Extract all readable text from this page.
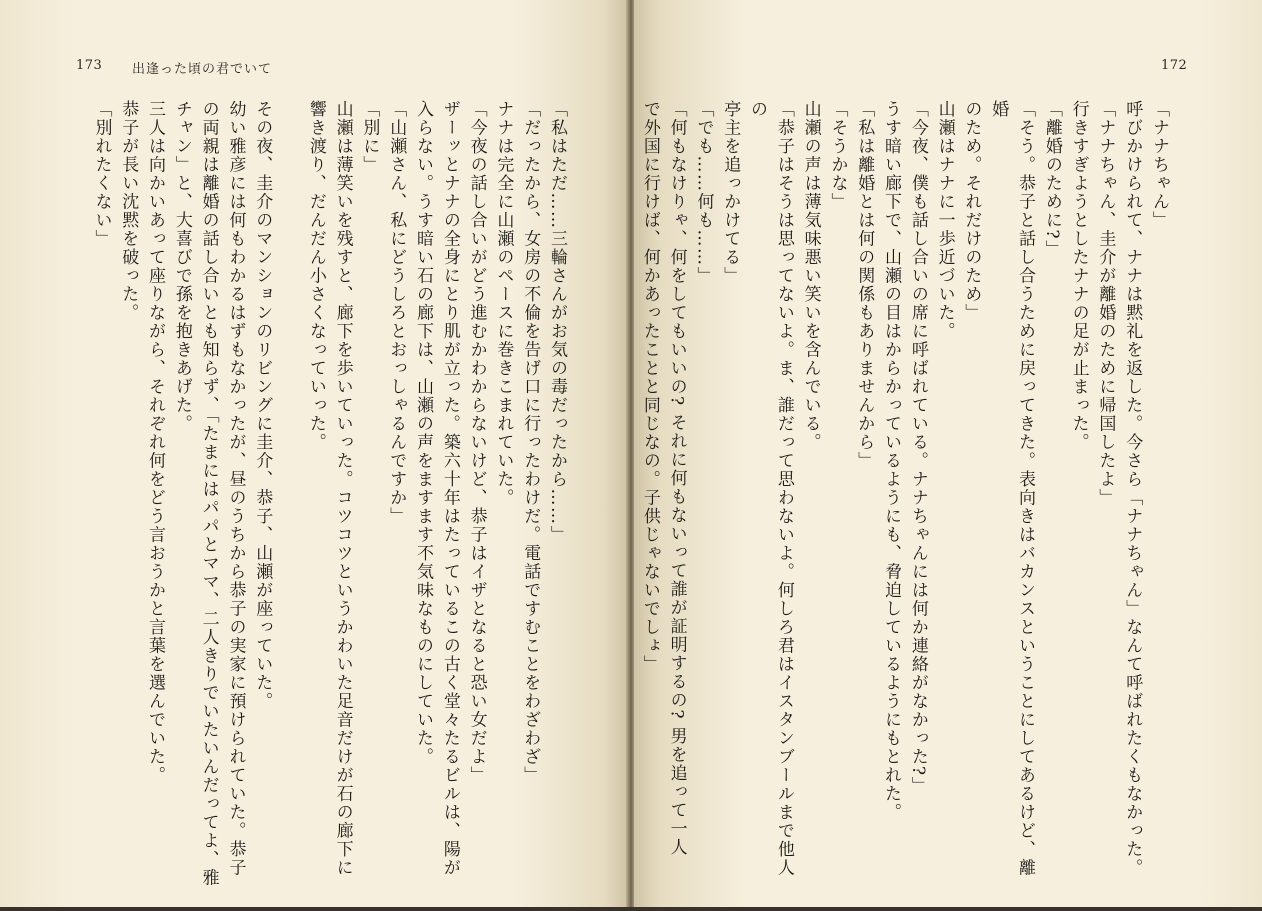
173 出逢った頃の君でいて

「私はただ……三輪さんがお気の毒だったから……」

「だったから、女房の不倫を告げ口に行ったわけだ。電話ですむことをわざわざ」

ナナは完全に山瀬のペースに巻きこまれていた。

「今夜の話し合いがどう進むかわからないけど、恭子はイザとなると恐い女だよ」

ザーッとナナの全身にとり肌が立った。築六十年はたっているこの古く堂々たるビルは、陽が

入らない。うす暗い石の廊下は、山瀬の声をますます不気味なものにしていた。

「山瀬さん、私にどうしろとおっしゃるんですか」

「別に」

山瀬は薄笑いを残すと、廊下を歩いていった。コツコツというかわいた足音だけが石の廊下に

響き渡り、だんだん小さくなっていった。

その夜、圭介のマンションのリビングに圭介、恭子、山瀬が座っていた。

幼い雅彦には何もわかるはずもなかったが、昼のうちから恭子の実家に預けられていた。恭子

の両親は離婚の話し合いとも知らず、「たまにはパパとママ、二人きりでいたいんだってよ、雅

チャン」と、大喜びで孫を抱きあげた。

三人は向かいあって座りながら、それぞれ何をどう言おうかと言葉を選んでいた。

恭子が長い沈黙を破った。

「別れたくない」

172

「ナナちゃん」

呼びかけられて、ナナは黙礼を返した。今さら「ナナちゃん」なんて呼ばれたくもなかった。

「ナナちゃん、圭介が離婚のために帰国したよ」

行きすぎようとしたナナの足が止まった。

「離婚のために?」

「そう。恭子と話し合うために戻ってきた。表向きはバカンスということにしてあるけど、離婚

のため。それだけのため」

山瀬はナナに一歩近づいた。

「今夜、僕も話し合いの席に呼ばれている。ナナちゃんには何か連絡がなかった?」

うす暗い廊下で、山瀬の目はからかっているようにも、脅迫しているようにもとれた。

「私は離婚とは何の関係もありませんから」

「そうかな」

山瀬の声は薄気味悪い笑いを含んでいる。

「恭子はそうは思ってないよ。ま、誰だって思わないよ。何しろ君はイスタンブールまで他人の

亭主を追っかけてる」

「でも……何も……」

「何もなけりゃ、何をしてもいいの? それに何もないって誰が証明するの? 男を追って一人

で外国に行けば、何かあったことと同じなの。子供じゃないでしょ」
